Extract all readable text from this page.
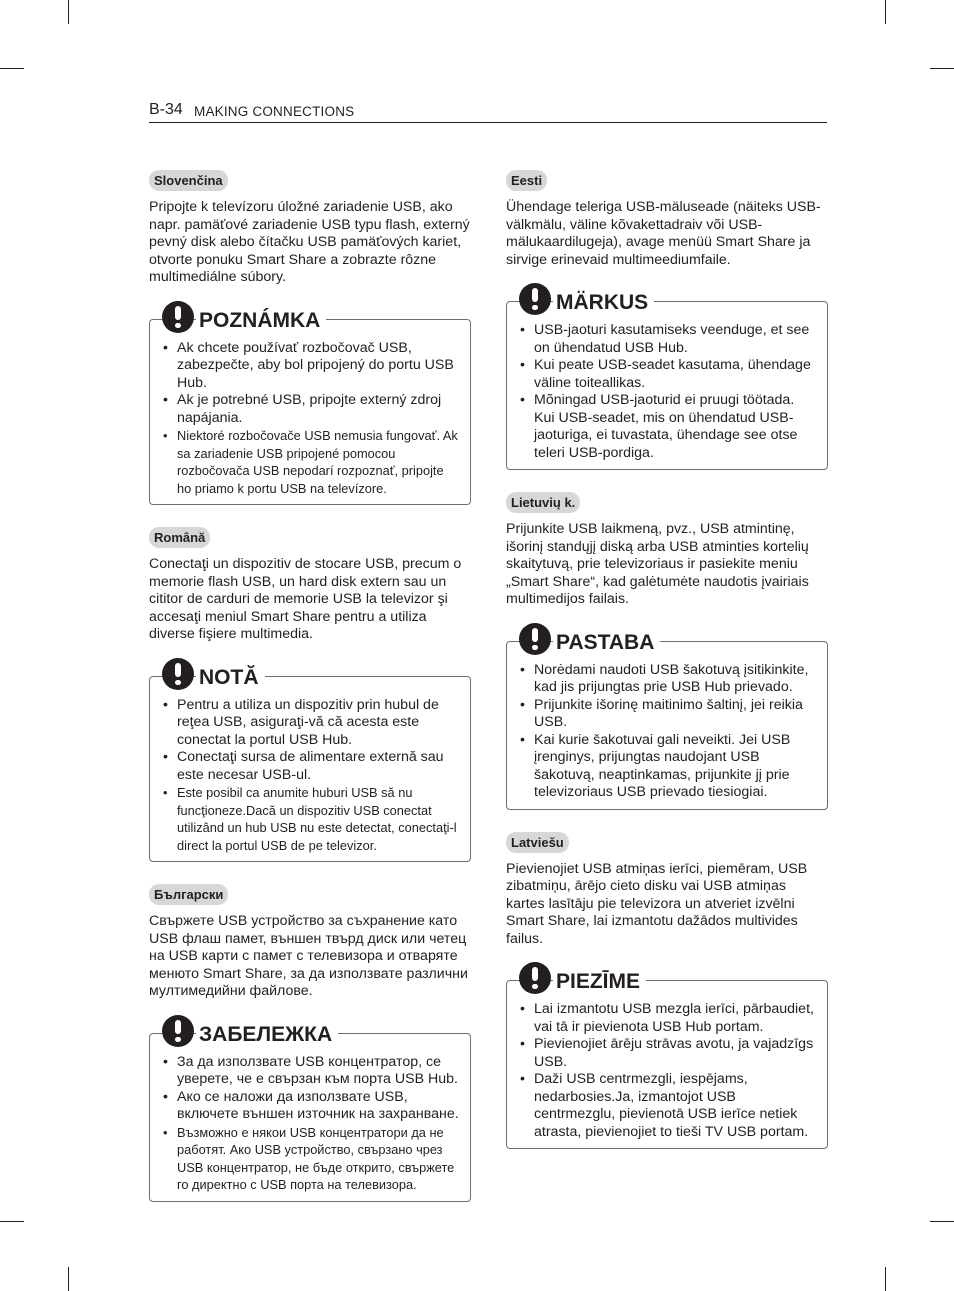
B-34 MAKING CONNECTIONS
Slovenčina

Pripojte k televízoru úložné zariadenie USB, ako napr. pamäťové zariadenie USB typu flash, externý pevný disk alebo čítačku USB pamäťových kariet, otvorte ponuku Smart Share a zobrazte rôzne multimediálne súbory.

POZNÁMKA
• Ak chcete používať rozbočovač USB, zabezpečte, aby bol pripojený do portu USB Hub.
• Ak je potrebné USB, pripojte externý zdroj napájania.
• Niektoré rozbočovače USB nemusia fungovať. Ak sa zariadenie USB pripojené pomocou rozbočovača USB nepodarí rozpoznať, pripojte ho priamo k portu USB na televízore.
Română

Conectaţi un dispozitiv de stocare USB, precum o memorie flash USB, un hard disk extern sau un cititor de carduri de memorie USB la televizor şi accesaţi meniul Smart Share pentru a utiliza diverse fişiere multimedia.

NOTĂ
• Pentru a utiliza un dispozitiv prin hubul de reţea USB, asiguraţi-vă că acesta este conectat la portul USB Hub.
• Conectaţi sursa de alimentare externă sau este necesar USB-ul.
• Este posibil ca anumite huburi USB să nu funcţioneze.Dacă un dispozitiv USB conectat utilizând un hub USB nu este detectat, conectaţi-l direct la portul USB de pe televizor.
Български

Свържете USB устройство за съхранение като USB флаш памет, външен твърд диск или четец на USB карти с памет с телевизора и отваряте менюто Smart Share, за да използвате различни мултимедийни файлове.

ЗАБЕЛЕЖКА
• За да използвате USB концентратор, се уверете, че е свързан към порта USB Hub.
• Ако се наложи да използвате USB, включете външен източник на захранване.
• Възможно е някои USB концентратори да не работят. Ако USB устройство, свързано чрез USB концентратор, не бъде открито, свържете го директно с USB порта на телевизора.
Eesti

Ühendage teleriga USB-mäluseade (näiteks USB-välkmälu, väline kõvakettadraiv või USB-mälukaardilugeja), avage menüü Smart Share ja sirvige erinevaid multimeediumfaile.

MÄRKUS
• USB-jaoturi kasutamiseks veenduge, et see on ühendatud USB Hub.
• Kui peate USB-seadet kasutama, ühendage väline toiteallikas.
• Mõningad USB-jaoturid ei pruugi töötada. Kui USB-seadet, mis on ühendatud USB-jaoturiga, ei tuvastata, ühendage see otse teleri USB-pordiga.
Lietuvių k.

Prijunkite USB laikmeną, pvz., USB atmintinę, išorinį standųjį diską arba USB atminties kortelių skaitytuvą, prie televizoriaus ir pasiekite meniu „Smart Share“, kad galėtumėte naudotis įvairiais multimedijos failais.

PASTABA
• Norėdami naudoti USB šakotuvą įsitikinkite, kad jis prijungtas prie USB Hub prievado.
• Prijunkite išorinę maitinimo šaltinį, jei reikia USB.
• Kai kurie šakotuvai gali neveikti. Jei USB įrenginys, prijungtas naudojant USB šakotuvą, neaptinkamas, prijunkite jį prie televizoriaus USB prievado tiesiogiai.
Latviešu

Pievienojiet USB atmiņas ierīci, piemēram, USB zibatmiņu, ārējo cieto disku vai USB atmiņas kartes lasītāju pie televizora un atveriet izvēlni Smart Share, lai izmantotu dažādos multivides failus.

PIEZĪME
• Lai izmantotu USB mezgla ierīci, pārbaudiet, vai tā ir pievienota USB Hub portam.
• Pievienojiet ārēju strāvas avotu, ja vajadzīgs USB.
• Daži USB centrmezgli, iespējams, nedarbosies.Ja, izmantojot USB centrmezglu, pievienotā USB ierīce netiek atrasta, pievienojiet to tieši TV USB portam.
